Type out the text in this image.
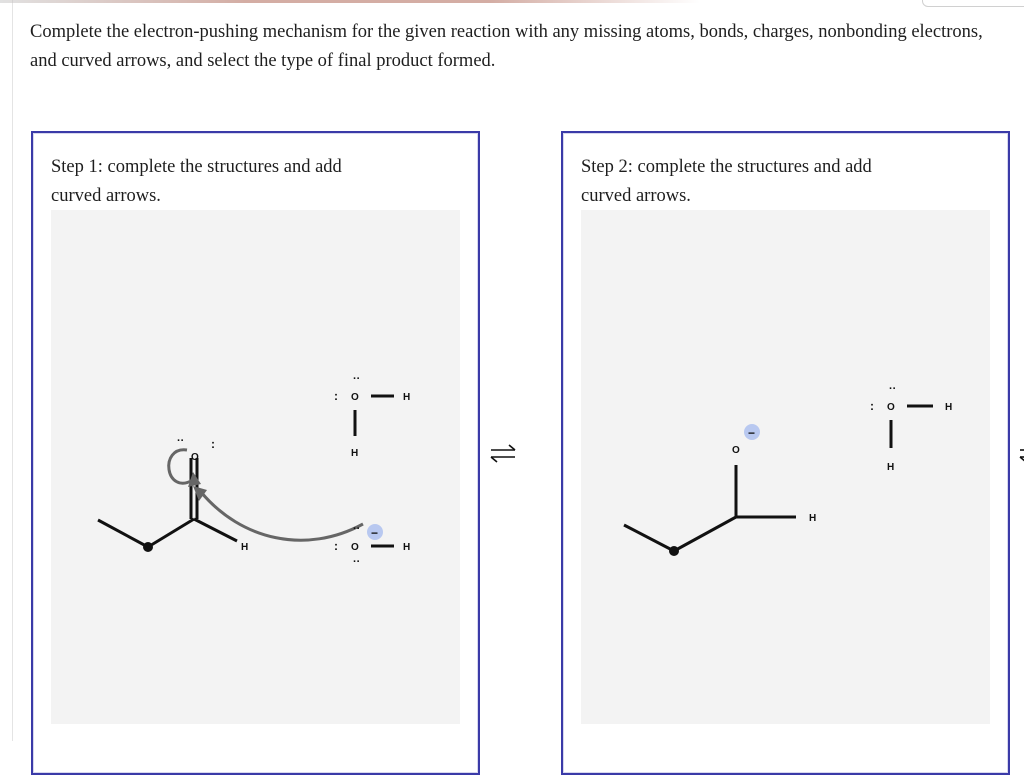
Complete the electron-pushing mechanism for the given reaction with any missing atoms, bonds, charges, nonbonding electrons,
and curved arrows, and select the type of final product formed.
Step 1: complete the structures and add
curved arrows.
H
O
·· :
:
··
O	H
H
:
··
··
O	H
−
Step 2: complete the structures and add
curved arrows.
O
−
H
:
··
O	H
H
